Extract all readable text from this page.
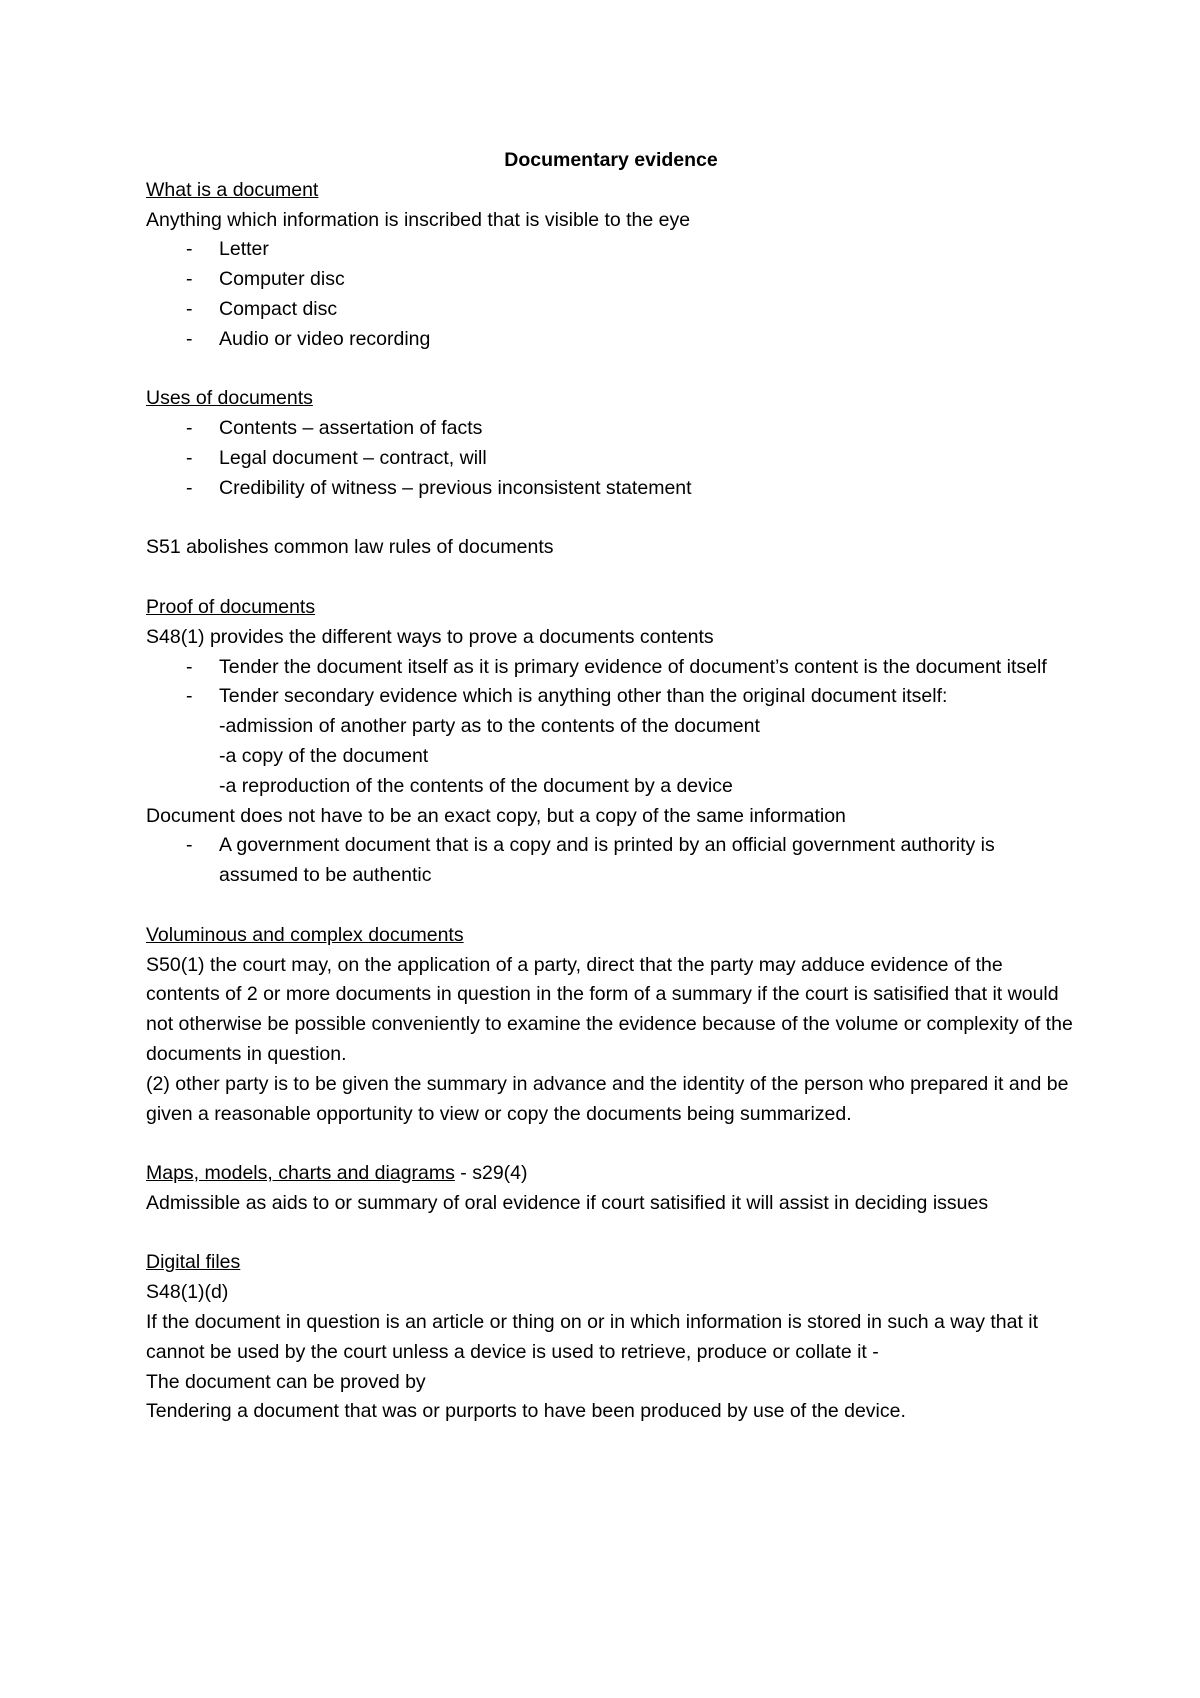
Documentary evidence

What is a document

Anything which information is inscribed that is visible to the eye

- Letter
- Computer disc
- Compact disc
- Audio or video recording

Uses of documents

- Contents – assertation of facts
- Legal document – contract, will
- Credibility of witness – previous inconsistent statement

S51 abolishes common law rules of documents

Proof of documents

S48(1) provides the different ways to prove a documents contents

- Tender the document itself as it is primary evidence of document’s content is the document itself
- Tender secondary evidence which is anything other than the original document itself:
-admission of another party as to the contents of the document
-a copy of the document
-a reproduction of the contents of the document by a device

Document does not have to be an exact copy, but a copy of the same information

- A government document that is a copy and is printed by an official government authority is assumed to be authentic

Voluminous and complex documents

S50(1) the court may, on the application of a party, direct that the party may adduce evidence of the contents of 2 or more documents in question in the form of a summary if the court is satisified that it would not otherwise be possible conveniently to examine the evidence because of the volume or complexity of the documents in question.

(2) other party is to be given the summary in advance and the identity of the person who prepared it and be given a reasonable opportunity to view or copy the documents being summarized.

Maps, models, charts and diagrams - s29(4)

Admissible as aids to or summary of oral evidence if court satisified it will assist in deciding issues

Digital files

S48(1)(d)

If the document in question is an article or thing on or in which information is stored in such a way that it cannot be used by the court unless a device is used to retrieve, produce or collate it -

The document can be proved by

Tendering a document that was or purports to have been produced by use of the device.
